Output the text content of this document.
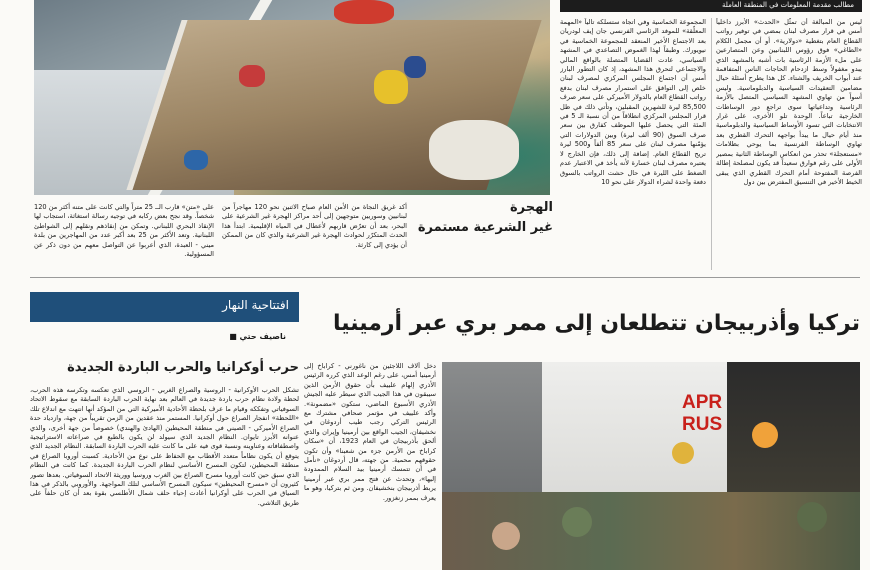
على «متن» قارب الــ 25 متراً والتي كانت على متنه أكثر من 120 شخصاً. وقد نجح بعض ركابه في توجيه رسالة استغاثة، استجاب لها الإنقاذ البحري اللبناني. وتمكن من إنقاذهم ونقلهم إلى الشواطئ اللبنانية. وتعد الأكثر من 25 بعد أكبر عدد من المهاجرين من بلدة ميني - العبدة، الذي أعربوا عن التواصل معهم من دون ذكر عن المسؤولية.

أكد غريق النجاة من الأمن العام صباح الاثنين نحو 120 مهاجراً من لبنانيين وسوريين متوجهين إلى أحد مراكز الهجرة غير الشرعية على البحر، بعد أن تعرّض قاربهم لأعطال في المياه الإقليمية. ابتدأ هذا الحدث المتكرّر لحوادث الهجرة غير الشرعية والذي كان من الممكن أن يؤدي إلى كارثة.

الهجرة
غير الشرعية مستمرة
مطالب مقدمة المعلومات في المنطقة العاملة

المجموعة الخماسية وفي اتجاه ستسلكه تالياً «المهمة المعلّقة» للموفد الرئاسي الفرنسي جان إيف لودريان بعد الاجتماع الأخير المنعقد للمجموعة الخماسية في نيويورك. وطبقاً لهذا الغموض التصاعدي في المشهد السياسي، عادت القضايا المتصلة بالواقع المالي والاجتماعي لتحرق هذا المشهد، إذ كان التطور البارز أمس أن اجتماع المجلس المركزي لمصرف لبنان خلص إلى التوافق على استمرار مصرف لبنان بدفع رواتب القطاع العام بالدولار الأميركي على سعر صرف 85,500 ليرة للشهرين المقبلين، وتأتي ذلك في ظل قرار المجلس المركزي انطلاقاً من أن نسبة الـ 5 في المئة التي يحصل عليها الموظف كفارق بين سعر صرف السوق (90 ألف ليرة) وبين الدولارات التي يؤمّنها مصرف لبنان على سعر 85 ألفاً و500 ليرة تريح القطاع العام. إضافة إلى ذلك، فإن الخارج لا يعتبره مصرف لبنان خسارة لأنه يأخذ في الاعتبار عدم الضغط على الليرة في حال حشت الرواتب بالسوق دفعة واحدة لشراء الدولار على نحو 10

ليس من المبالغة أن تمثّل «الحدث» الأبرز داخلياً أمس في قرار مصرف لبنان بمضي في توفير رواتب القطاع العام بتغطية «دولارية». أو أن مجمل الكلام «الطاغي» فوق رؤوس اللبنانيين وعن المتصارعين على ملء الأزمة الرئاسية بات أشبه بالمشهد الذي يبدو مغفولاً وسط ازدحام الحاجات الناس المتفاقمة عند أبواب الخريف والشتاء. كل هذا يطرح أسئلة حيال مضامين التعقيدات السياسية والدبلوماسية. وليس أسواً من تهاوي المشهد السياسي المتصل بالأزمة الرئاسية وتداعياتها سوى تراجع دور الوساطات الخارجية تباعاً. الوحدة تلو الأخرى، على غرار الانتخابات التي تسود الأوساط السياسية والدبلوماسية منذ أيام حيال ما يبدأ بواجهه التحرك القطري بعد تهاوي الوساطة الفرنسية بما يوحي بظلامات «مستعجلة» تحذر من انعكاس الوساطة الثانية بمصير الأولى على رغم فوارق سعيداً قد يكون لمصلحة إطالة الفرصة المفتوحة أمام التحرك القطري الذي يبقى الخيط الأخير في التنسيق المفترض بين دول

افتتاحية النهار
ناصيف حتي ■
حرب أوكرانيا والحرب الباردة الجديدة

تشكل الحرب الأوكرانية - الروسية والصراع الغربي - الروسي الذي تعكسه وتكرسه هذه الحرب، لحظة ولادة نظام حرب باردة جديدة في العالم بعد نهاية الحرب الباردة السابقة مع سقوط الاتحاد السوفياتي وتفككه وقيام ما عرف بلحظة الأحادية الأميركية التي من المؤكد أنها انتهت مع اندلاع تلك «اللحظة» انفجار الصراع حول أوكرانيا. المستمر منذ عقدين من الزمن تقريباً من جهة، وازدياد حدة الصراع الأميركي - الصيني في منطقة المحيطين (الهادئ والهندي) خصوصاً من جهة أخرى، والذي عنوانه الأبرز تايوان. النظام الجديد الذي سيولد لن يكون بالطبع في صراعاته الاستراتيجية واصطفافاته وعناوينه ونسبة قوى فيه على ما كانت عليه الحرب الباردة السابقة. النظام الجديد الذي يتوقع أن يكون نظاماً متعدد الأقطاب مع الحفاظ على نوع من الأحادية. كسبت أوروبا الصراع في منطقة المحيطين، لتكون المسرح الأساسي لنظام الحرب الباردة الجديدة. كما كانت في النظام الذي سبق حين كانت أوروبا مسرح الصراع بين الغرب وروسيا ووريثة الاتحاد السوفياتي. بعدها تصور كثيرون أن «مسرح المحيطين» سيكون المسرح الأساسي لتلك المواجهة. والأوروبي بالذكر في هذا السياق في الحرب على أوكرانيا أعادت إحياء حلف شمال الأطلسي بقوة بعد أن كان حلفاً على طريق التلاشي.

تركيا وأذربيجان تتطلعان إلى ممر بري عبر أرمينيا
APR
RUS

دخل آلاف اللاجئين من ناغورني - كراباخ إلى أرمينيا أمس، على رغم الوعد الذي كرره الرئيس الأذري إلهام علييف بأن حقوق الأرمن الذين سيبقون في هذا الجيب الذي سيطر عليه الجيش الأذري الأسبوع الماضي، ستكون «مضمونة». وأكد علييف في مؤتمر صحافي مشترك مع الرئيس التركي رجب طيب أردوغان في نخشيفان، الجيب الواقع بين أرمينيا وإيران والذي ألحق بأذربيجان في العام 1923، أن «سكان كراباخ من الأرمن جزء من شعبنا» وأن تكون حقوقهم محمية. من جهته، قال أردوغان «نأمل في أن تتمسك أرمينيا بيد السلام الممدودة إليها»، وتحدث عن فتح ممر بري عبر أرمينيا يربط أذربيجان بنخشيفان. ومن ثم بتركيا، وهو ما يعرف بممر زنغزور.
